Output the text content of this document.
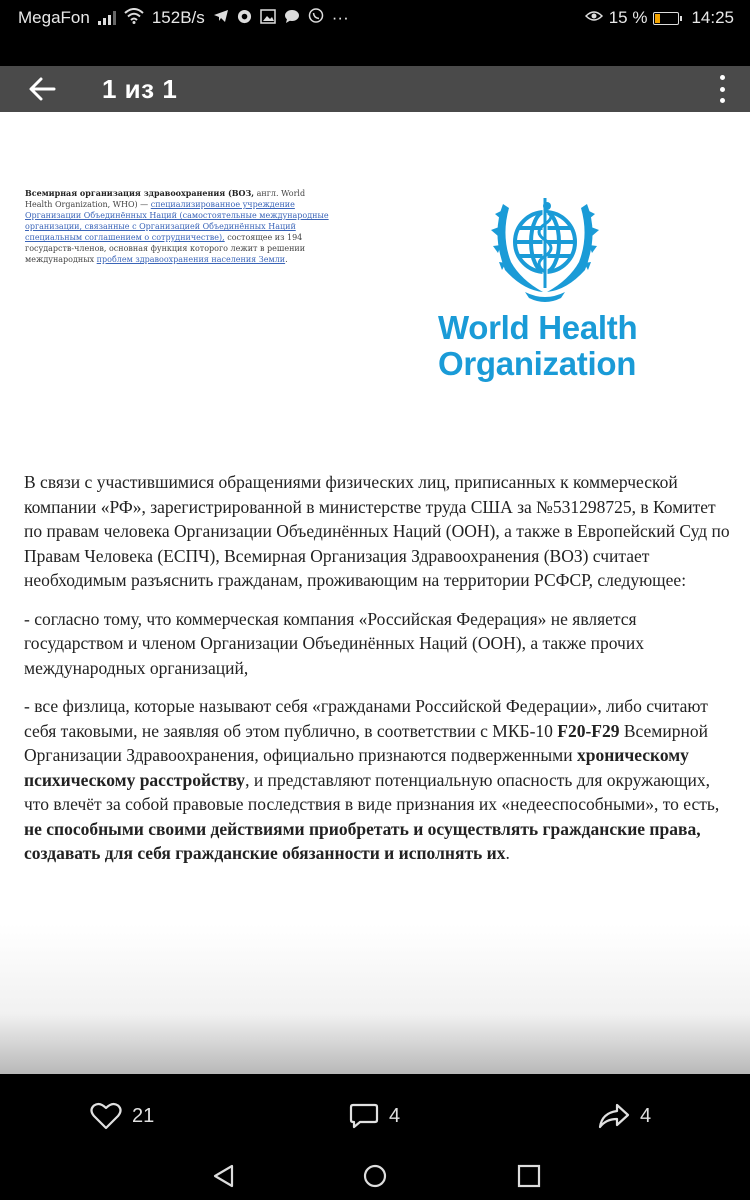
MegaFon	152B/s	···	15 %	14:25
1 из 1
Всемирная организация здравоохранения (ВОЗ, англ. World Health Organization, WHO) — специализированное учреждение Организации Объединённых Наций (самостоятельные международные организации, связанные с Организацией Объединённых Наций специальным соглашением о сотрудничестве), состоящее из 194 государств-членов, основная функция которого лежит в решении международных проблем здравоохранения населения Земли.
World Health Organization

В связи с участившимися обращениями физических лиц, приписанных к коммерческой компании «РФ», зарегистрированной в министерстве труда США за №531298725, в Комитет по правам человека Организации Объединённых Наций (ООН), а также в Европейский Суд по Правам Человека (ЕСПЧ), Всемирная Организация Здравоохранения (ВОЗ) считает необходимым разъяснить гражданам, проживающим на территории РСФСР, следующее:

- согласно тому, что коммерческая компания «Российская Федерация» не является государством и членом Организации Объединённых Наций (ООН), а также прочих международных организаций,

- все физлица, которые называют себя «гражданами Российской Федерации», либо считают себя таковыми, не заявляя об этом публично, в соответствии с МКБ-10 F20-F29 Всемирной Организации Здравоохранения, официально признаются подверженными хроническому психическому расстройству, и представляют потенциальную опасность для окружающих, что влечёт за собой правовые последствия в виде признания их «недееспособными», то есть, не способными своими действиями приобретать и осуществлять гражданские права, создавать для себя гражданские обязанности и исполнять их.

21	4	4
